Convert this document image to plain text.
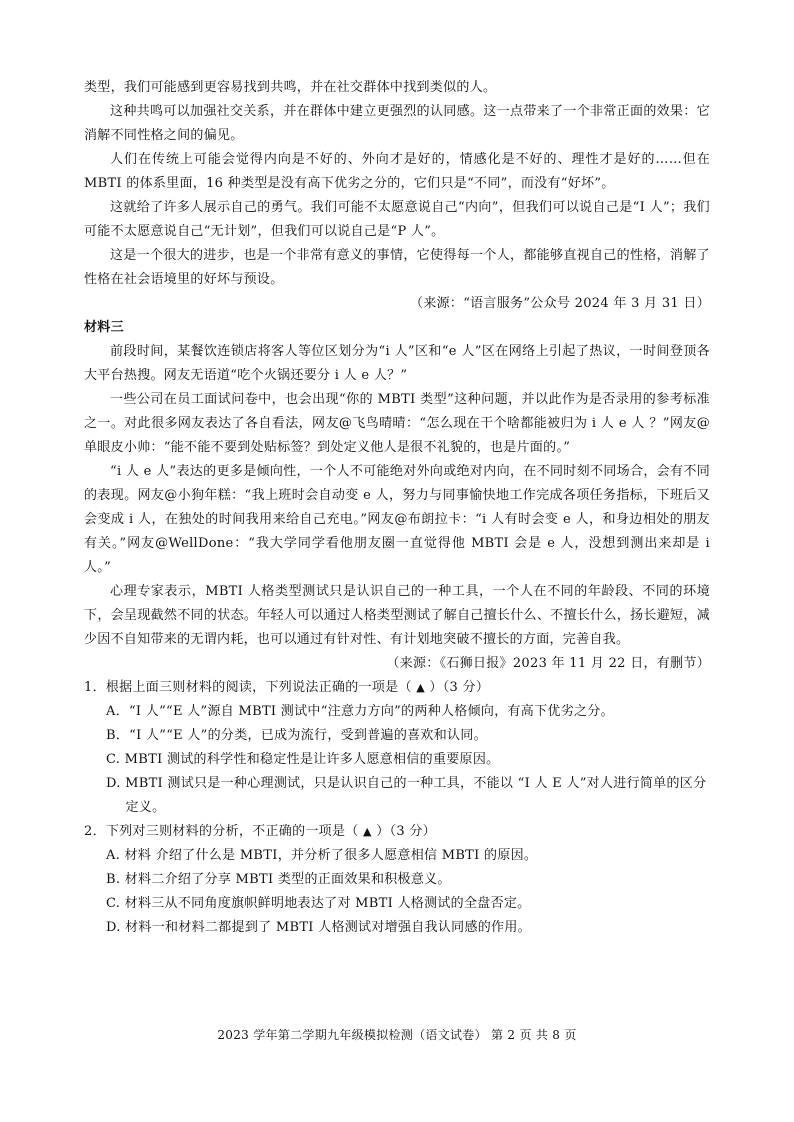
类型，我们可能感到更容易找到共鸣，并在社交群体中找到类似的人。

这种共鸣可以加强社交关系，并在群体中建立更强烈的认同感。这一点带来了一个非常正面的效果：它消解不同性格之间的偏见。

人们在传统上可能会觉得内向是不好的、外向才是好的，情感化是不好的、理性才是好的……但在 MBTI 的体系里面，16 种类型是没有高下优劣之分的，它们只是“不同”，而没有“好坏”。

这就给了许多人展示自己的勇气。我们可能不太愿意说自己“内向”，但我们可以说自己是“I 人”；我们可能不太愿意说自己“无计划”，但我们可以说自己是“P 人”。

这是一个很大的进步，也是一个非常有意义的事情，它使得每一个人，都能够直视自己的性格，消解了性格在社会语境里的好坏与预设。

（来源：“语言服务”公众号 2024 年 3 月 31 日）

材料三

前段时间，某餐饮连锁店将客人等位区划分为“i 人”区和“e 人”区在网络上引起了热议，一时间登顶各大平台热搜。网友无语道“吃个火锅还要分 i 人 e 人？”

一些公司在员工面试问卷中，也会出现“你的 MBTI 类型”这种问题，并以此作为是否录用的参考标准之一。对此很多网友表达了各自看法，网友@飞鸟晴晴：“怎么现在干个啥都能被归为 i 人 e 人 ？”网友@单眼皮小帅：“能不能不要到处贴标签？到处定义他人是很不礼貌的，也是片面的。”

“i 人 e 人”表达的更多是倾向性，一个人不可能绝对外向或绝对内向，在不同时刻不同场合，会有不同的表现。网友@小狗年糕：“我上班时会自动变 e 人，努力与同事愉快地工作完成各项任务指标，下班后又会变成 i 人，在独处的时间我用来给自己充电。”网友@布朗拉卡：“i 人有时会变 e 人，和身边相处的朋友有关。”网友@WellDone：“我大学同学看他朋友圈一直觉得他 MBTI 会是 e 人，没想到测出来却是 i 人。”

心理专家表示，MBTI 人格类型测试只是认识自己的一种工具，一个人在不同的年龄段、不同的环境下，会呈现截然不同的状态。年轻人可以通过人格类型测试了解自己擅长什么、不擅长什么，扬长避短，减少因不自知带来的无谓内耗，也可以通过有针对性、有计划地突破不擅长的方面，完善自我。

（来源：《石狮日报》2023 年 11 月 22 日，有删节）

1．根据上面三则材料的阅读，下列说法正确的一项是（ ▲ ）（3 分）

A．“I 人”“E 人”源自 MBTI 测试中“注意力方向”的两种人格倾向，有高下优劣之分。

B．“I 人”“E 人”的分类，已成为流行，受到普遍的喜欢和认同。

C. MBTI 测试的科学性和稳定性是让许多人愿意相信的重要原因。

D. MBTI 测试只是一种心理测试，只是认识自己的一种工具，不能以 “I 人 E 人”对人进行简单的区分定义。

2．下列对三则材料的分析，不正确的一项是（ ▲ ）（3 分）

A. 材料 介绍了什么是 MBTI，并分析了很多人愿意相信 MBTI 的原因。

B. 材料二介绍了分享 MBTI 类型的正面效果和积极意义。

C. 材料三从不同角度旗帜鲜明地表达了对 MBTI 人格测试的全盘否定。

D. 材料一和材料二都提到了 MBTI 人格测试对增强自我认同感的作用。

2023 学年第二学期九年级模拟检测（语文试卷） 第 2 页 共 8 页
